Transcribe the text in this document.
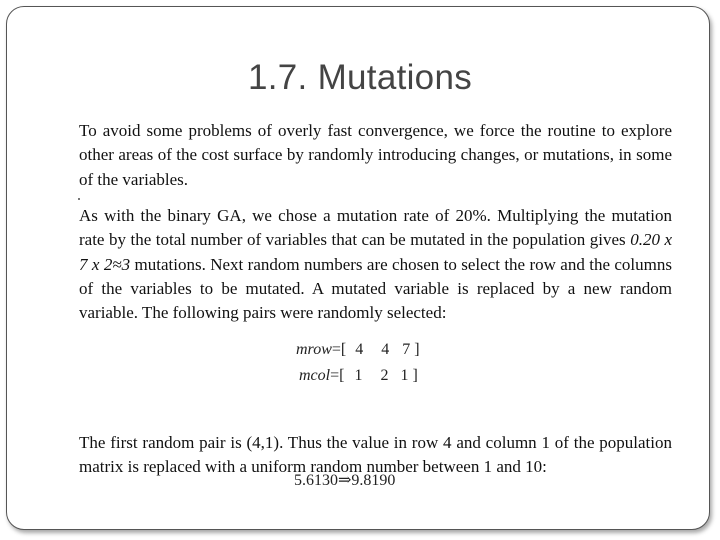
1.7. Mutations
To avoid some problems of overly fast convergence, we force the routine to explore other areas of the cost surface by randomly introducing changes, or mutations, in some of the variables.
As with the binary GA, we chose a mutation rate of 20%. Multiplying the mutation rate by the total number of variables that can be mutated in the population gives 0.20 x 7 x 2≈3 mutations. Next random numbers are chosen to select the row and the columns of the variables to be mutated. A mutated variable is replaced by a new random variable. The following pairs were randomly selected:
mrow=[ 4 4 7 ]
mcol=[ 1 2 1 ]
The first random pair is (4,1). Thus the value in row 4 and column 1 of the population matrix is replaced with a uniform random number between 1 and 10:
5.6130⇒9.8190
